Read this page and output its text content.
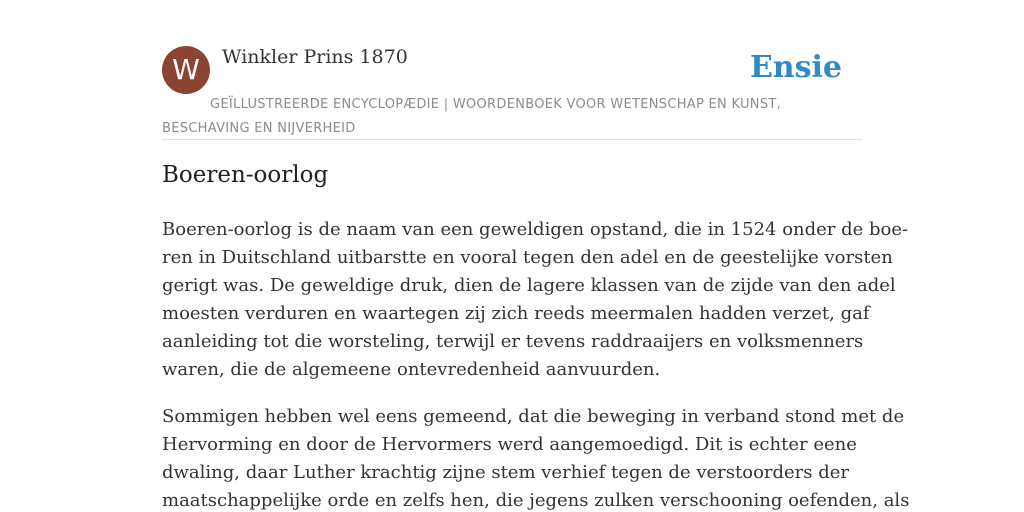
W	Winkler Prins 1870	Ensie
GEÏLLUSTREERDE ENCYCLOPÆDIE | WOORDENBOEK VOOR WETENSCHAP EN KUNST, BESCHAVING EN NIJVERHEID
Boeren-oorlog

Boeren-oorlog is de naam van een geweldigen opstand, die in 1524 onder de boe-
ren in Duitschland uitbarstte en vooral tegen den adel en de geestelijke vorsten
gerigt was. De geweldige druk, dien de lagere klassen van de zijde van den adel
moesten verduren en waartegen zij zich reeds meermalen hadden verzet, gaf
aanleiding tot die worsteling, terwijl er tevens raddraaijers en volksmenners
waren, die de algemeene ontevredenheid aanvuurden.

Sommigen hebben wel eens gemeend, dat die beweging in verband stond met de
Hervorming en door de Hervormers werd aangemoedigd. Dit is echter eene
dwaling, daar Luther krachtig zijne stem verhief tegen de verstoorders der
maatschappelijke orde en zelfs hen, die jegens zulken verschooning oefenden, als
